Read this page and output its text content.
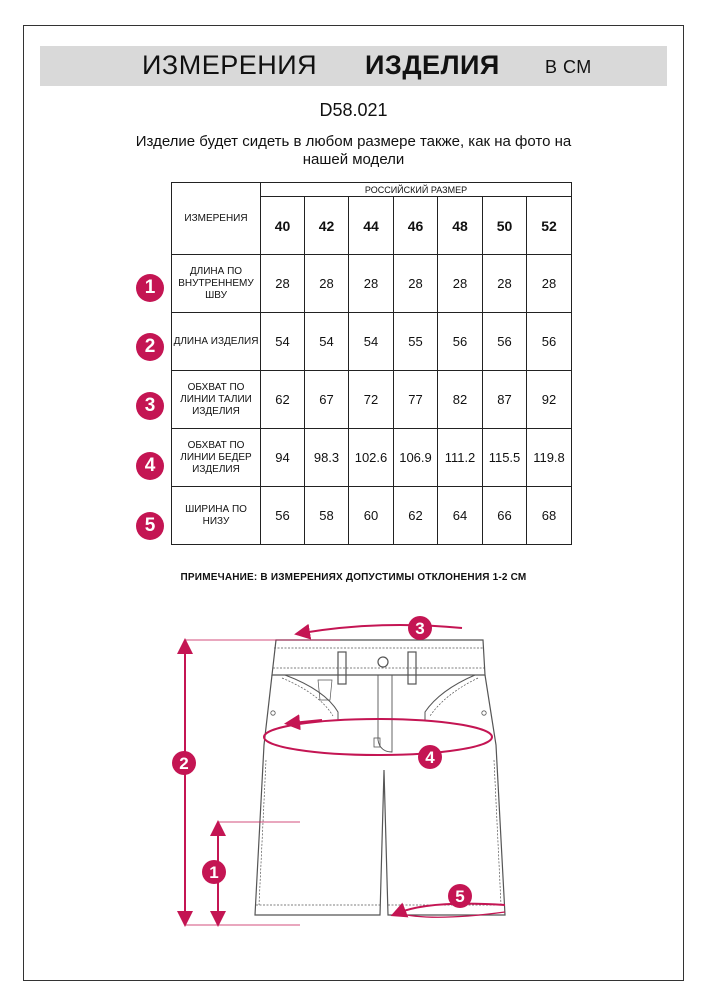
ИЗМЕРЕНИЯ ИЗДЕЛИЯ	В СМ
D58.021
Изделие будет сидеть в любом размере также, как на фото на нашей модели
ИЗМЕРЕНИЯ	РОССИЙСКИЙ РАЗМЕР						
	40	42	44	46	48	50	52
ДЛИНА ПО ВНУТРЕННЕМУ ШВУ	28	28	28	28	28	28	28
ДЛИНА ИЗДЕЛИЯ	54	54	54	55	56	56	56
ОБХВАТ ПО ЛИНИИ ТАЛИИ ИЗДЕЛИЯ	62	67	72	77	82	87	92
ОБХВАТ ПО ЛИНИИ БЕДЕР ИЗДЕЛИЯ	94	98.3	102.6	106.9	111.2	115.5	119.8
ШИРИНА ПО НИЗУ	56	58	60	62	64	66	68
1
2
3
4
5
ПРИМЕЧАНИЕ: В ИЗМЕРЕНИЯХ ДОПУСТИМЫ ОТКЛОНЕНИЯ 1-2 СМ
1
2
3
4
5
